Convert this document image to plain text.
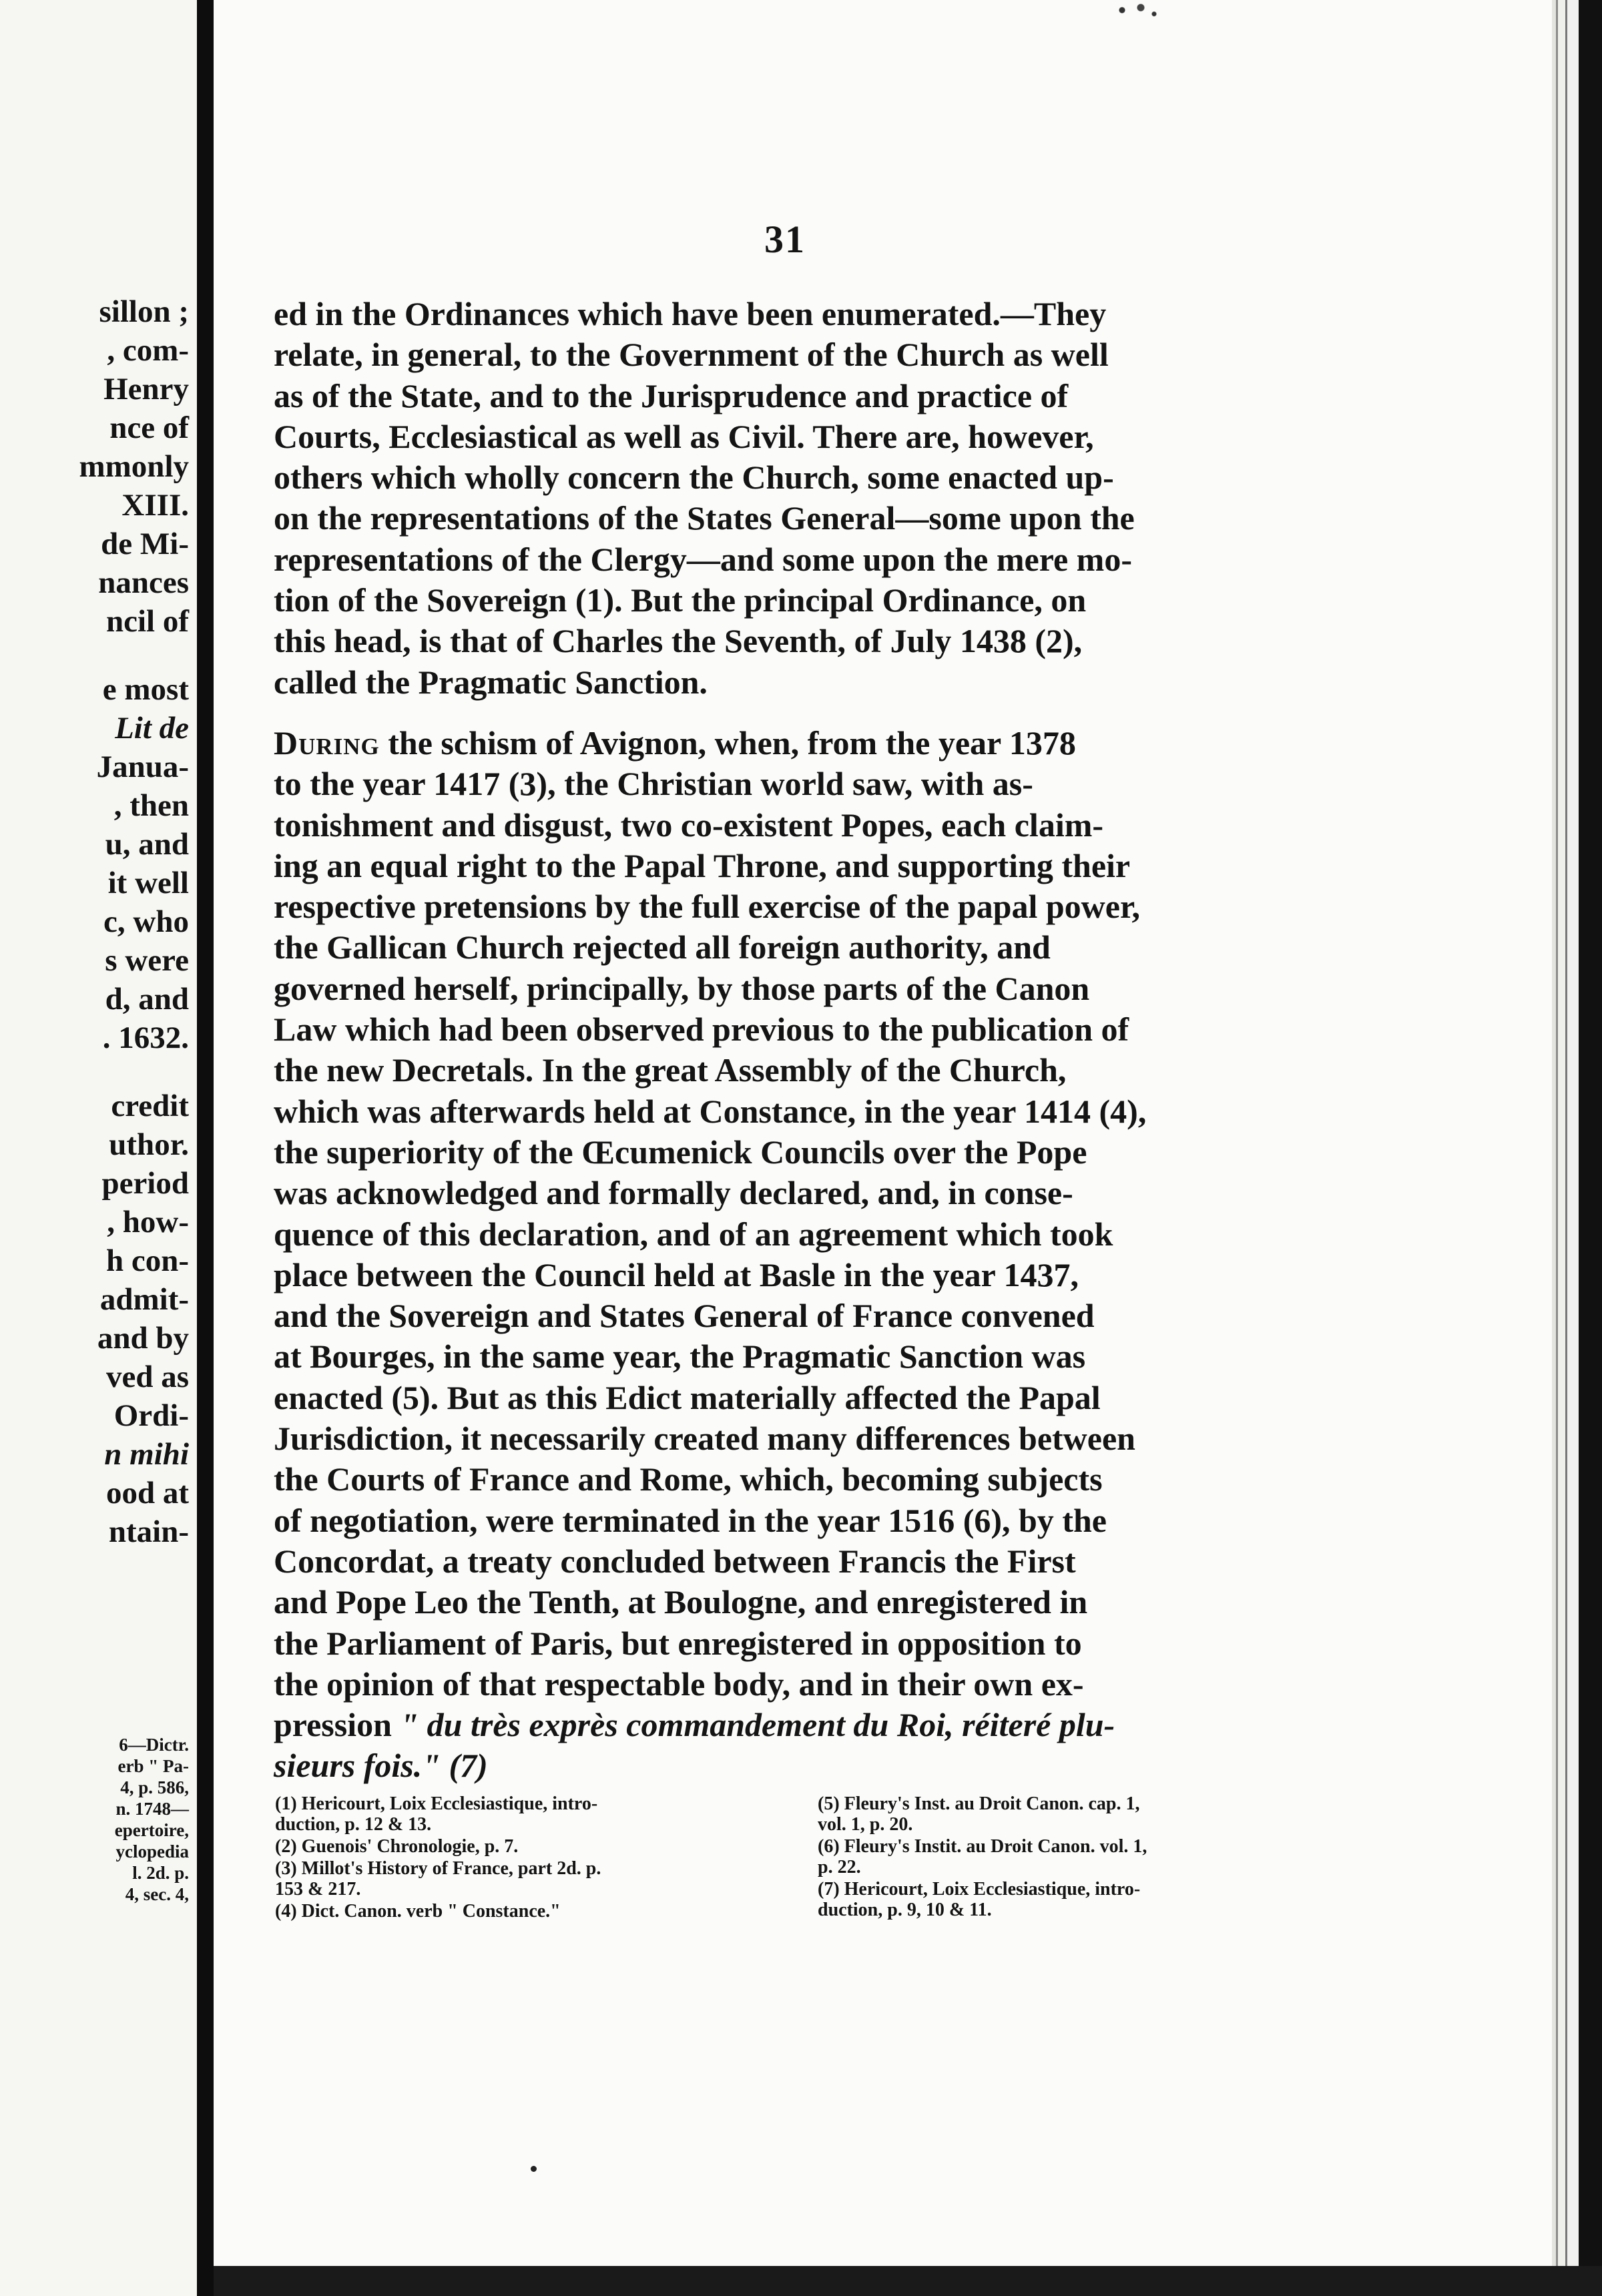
sillon ;
, com-
Henry
nce of
mmonly
XIII.
de Mi-
nances
ncil of
e most
Lit de
Janua-
, then
u, and
it well
c, who
s were
d, and
. 1632.
credit
uthor.
period
, how-
h con-
admit-
and by
ved as
Ordi-
n mihi
ood at
ntain-
6—Dictr.
erb " Pa-
4, p. 586,
n. 1748—
epertoire,
yclopedia
l. 2d. p.
4, sec. 4,
31
ed in the Ordinances which have been enumerated.—They
relate, in general, to the Government of the Church as well
as of the State, and to the Jurisprudence and practice of
Courts, Ecclesiastical as well as Civil. There are, however,
others which wholly concern the Church, some enacted up-
on the representations of the States General—some upon the
representations of the Clergy—and some upon the mere mo-
tion of the Sovereign (1). But the principal Ordinance, on
this head, is that of Charles the Seventh, of July 1438 (2),
called the Pragmatic Sanction.
During the schism of Avignon, when, from the year 1378
to the year 1417 (3), the Christian world saw, with as-
tonishment and disgust, two co-existent Popes, each claim-
ing an equal right to the Papal Throne, and supporting their
respective pretensions by the full exercise of the papal power,
the Gallican Church rejected all foreign authority, and
governed herself, principally, by those parts of the Canon
Law which had been observed previous to the publication of
the new Decretals. In the great Assembly of the Church,
which was afterwards held at Constance, in the year 1414 (4),
the superiority of the Œcumenick Councils over the Pope
was acknowledged and formally declared, and, in conse-
quence of this declaration, and of an agreement which took
place between the Council held at Basle in the year 1437,
and the Sovereign and States General of France convened
at Bourges, in the same year, the Pragmatic Sanction was
enacted (5). But as this Edict materially affected the Papal
Jurisdiction, it necessarily created many differences between
the Courts of France and Rome, which, becoming subjects
of negotiation, were terminated in the year 1516 (6), by the
Concordat, a treaty concluded between Francis the First
and Pope Leo the Tenth, at Boulogne, and enregistered in
the Parliament of Paris, but enregistered in opposition to
the opinion of that respectable body, and in their own ex-
pression " du très exprès commandement du Roi, réiteré plu-
sieurs fois." (7)
(1) Hericourt, Loix Ecclesiastique, intro-
duction, p. 12 & 13.
(2) Guenois' Chronologie, p. 7.
(3) Millot's History of France, part 2d. p.
153 & 217.
(4) Dict. Canon. verb " Constance."
(5) Fleury's Inst. au Droit Canon. cap. 1,
vol. 1, p. 20.
(6) Fleury's Instit. au Droit Canon. vol. 1,
p. 22.
(7) Hericourt, Loix Ecclesiastique, intro-
duction, p. 9, 10 & 11.
